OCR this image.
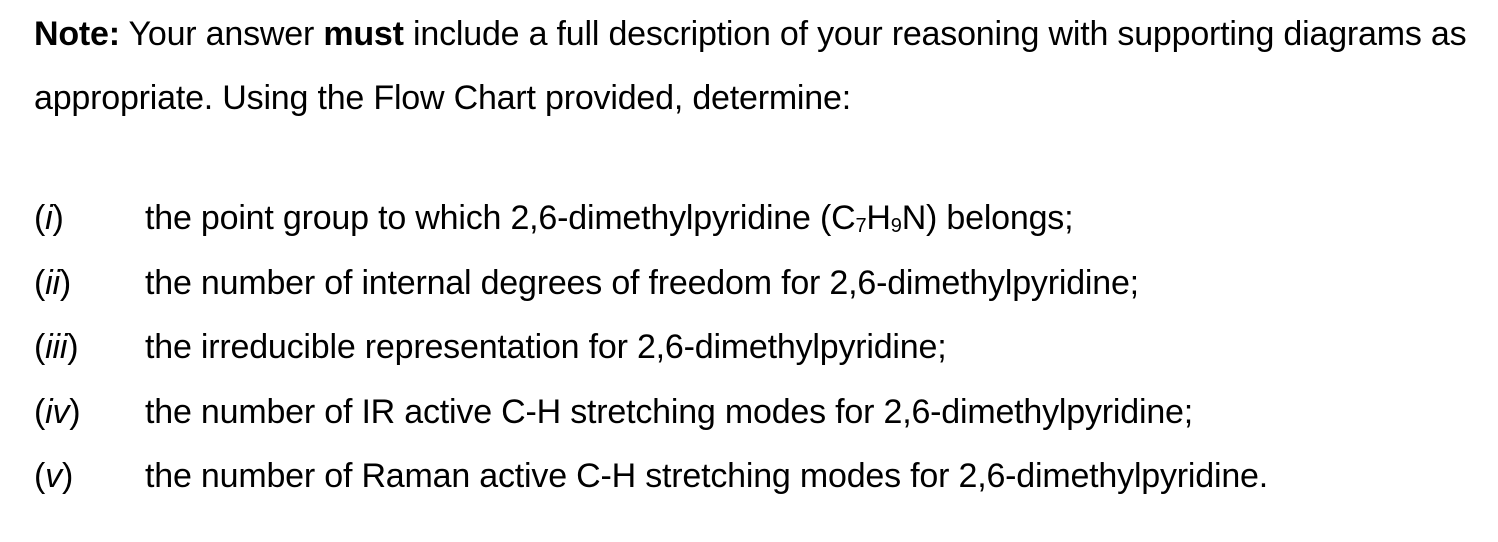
Note: Your answer must include a full description of your reasoning with supporting diagrams as appropriate. Using the Flow Chart provided, determine:

(i) the point group to which 2,6-dimethylpyridine (C7H9N) belongs;
(ii) the number of internal degrees of freedom for 2,6-dimethylpyridine;
(iii) the irreducible representation for 2,6-dimethylpyridine;
(iv) the number of IR active C-H stretching modes for 2,6-dimethylpyridine;
(v) the number of Raman active C-H stretching modes for 2,6-dimethylpyridine.
